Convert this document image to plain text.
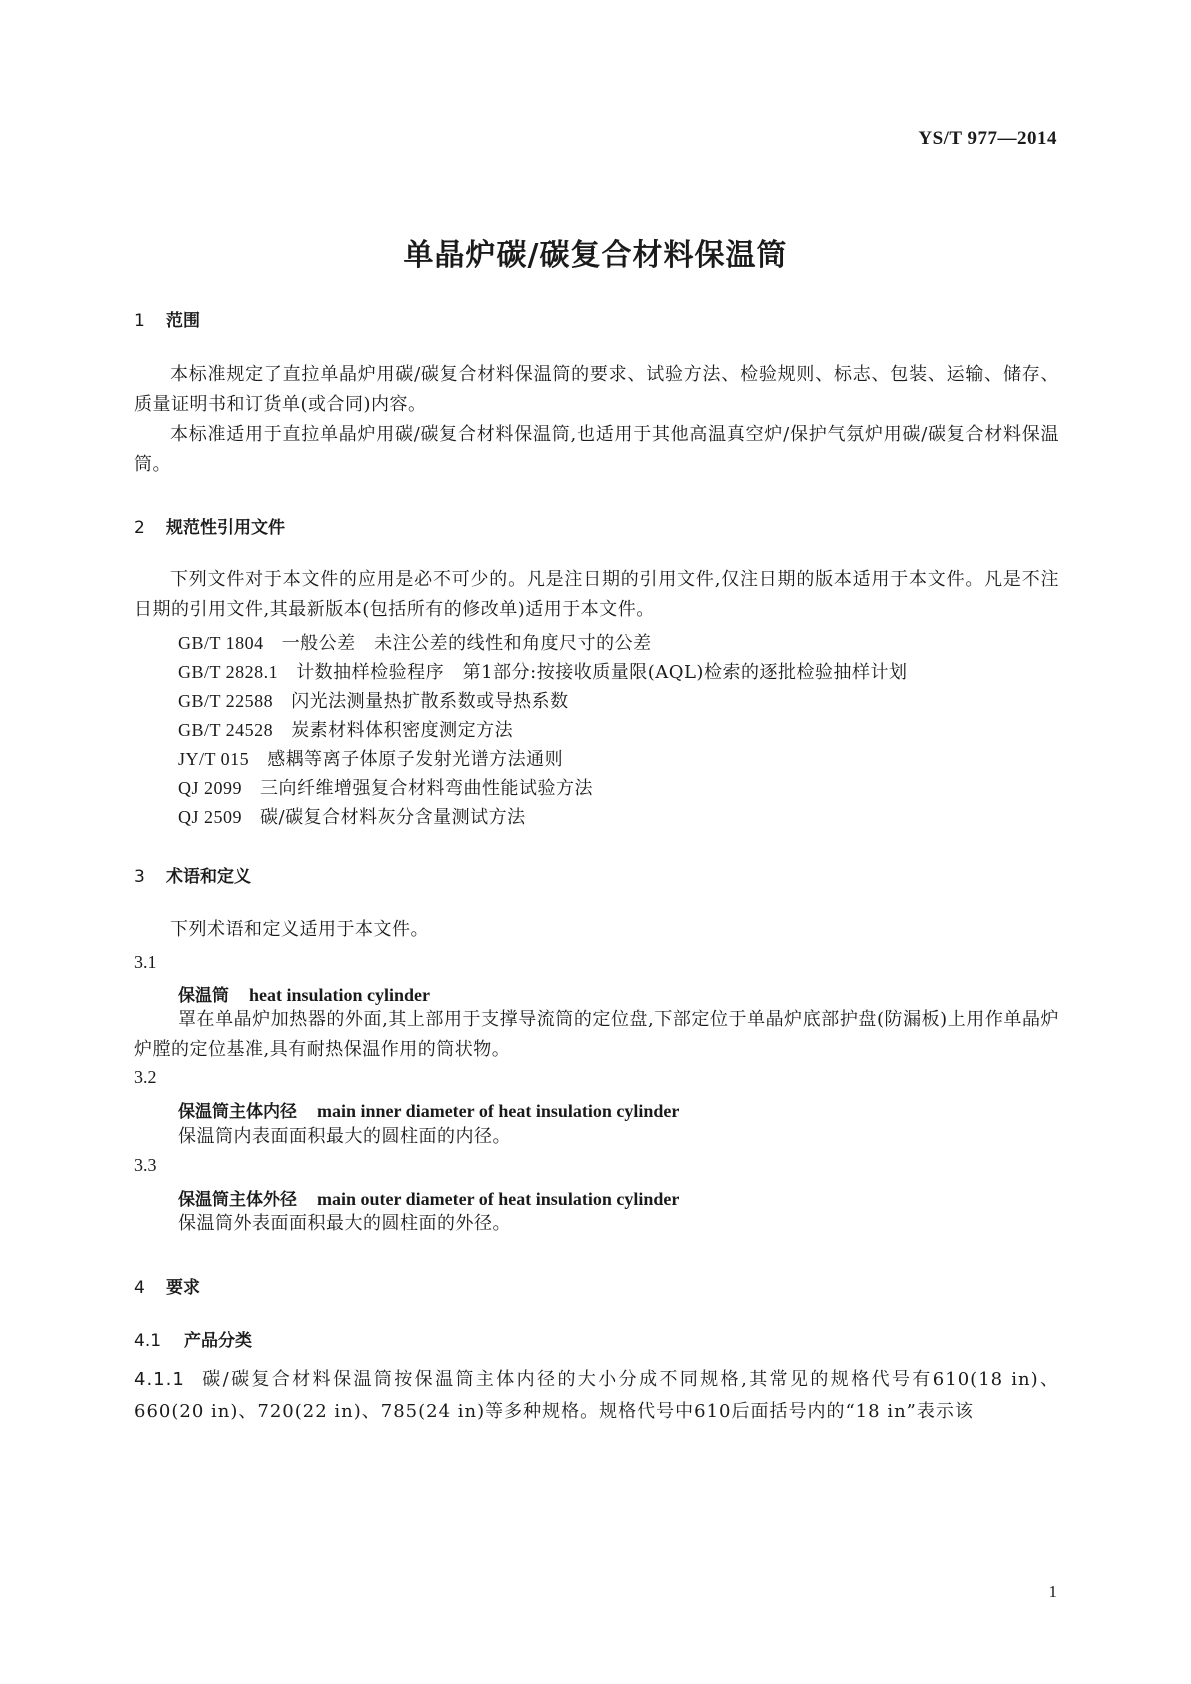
YS/T 977—2014
单晶炉碳/碳复合材料保温筒
1 范围
本标准规定了直拉单晶炉用碳/碳复合材料保温筒的要求、试验方法、检验规则、标志、包装、运输、储存、质量证明书和订货单(或合同)内容。
本标准适用于直拉单晶炉用碳/碳复合材料保温筒,也适用于其他高温真空炉/保护气氛炉用碳/碳复合材料保温筒。
2 规范性引用文件
下列文件对于本文件的应用是必不可少的。凡是注日期的引用文件,仅注日期的版本适用于本文件。凡是不注日期的引用文件,其最新版本(包括所有的修改单)适用于本文件。
GB/T 1804 一般公差　未注公差的线性和角度尺寸的公差
GB/T 2828.1 计数抽样检验程序　第1部分:按接收质量限(AQL)检索的逐批检验抽样计划
GB/T 22588 闪光法测量热扩散系数或导热系数
GB/T 24528 炭素材料体积密度测定方法
JY/T 015 感耦等离子体原子发射光谱方法通则
QJ 2099 三向纤维增强复合材料弯曲性能试验方法
QJ 2509 碳/碳复合材料灰分含量测试方法
3 术语和定义
下列术语和定义适用于本文件。
3.1
保温筒 heat insulation cylinder
罩在单晶炉加热器的外面,其上部用于支撑导流筒的定位盘,下部定位于单晶炉底部护盘(防漏板)上用作单晶炉炉膛的定位基准,具有耐热保温作用的筒状物。
3.2
保温筒主体内径 main inner diameter of heat insulation cylinder
保温筒内表面面积最大的圆柱面的内径。
3.3
保温筒主体外径 main outer diameter of heat insulation cylinder
保温筒外表面面积最大的圆柱面的外径。
4 要求
4.1 产品分类
4.1.1 碳/碳复合材料保温筒按保温筒主体内径的大小分成不同规格,其常见的规格代号有610(18 in)、660(20 in)、720(22 in)、785(24 in)等多种规格。规格代号中610后面括号内的“18 in”表示该
1
